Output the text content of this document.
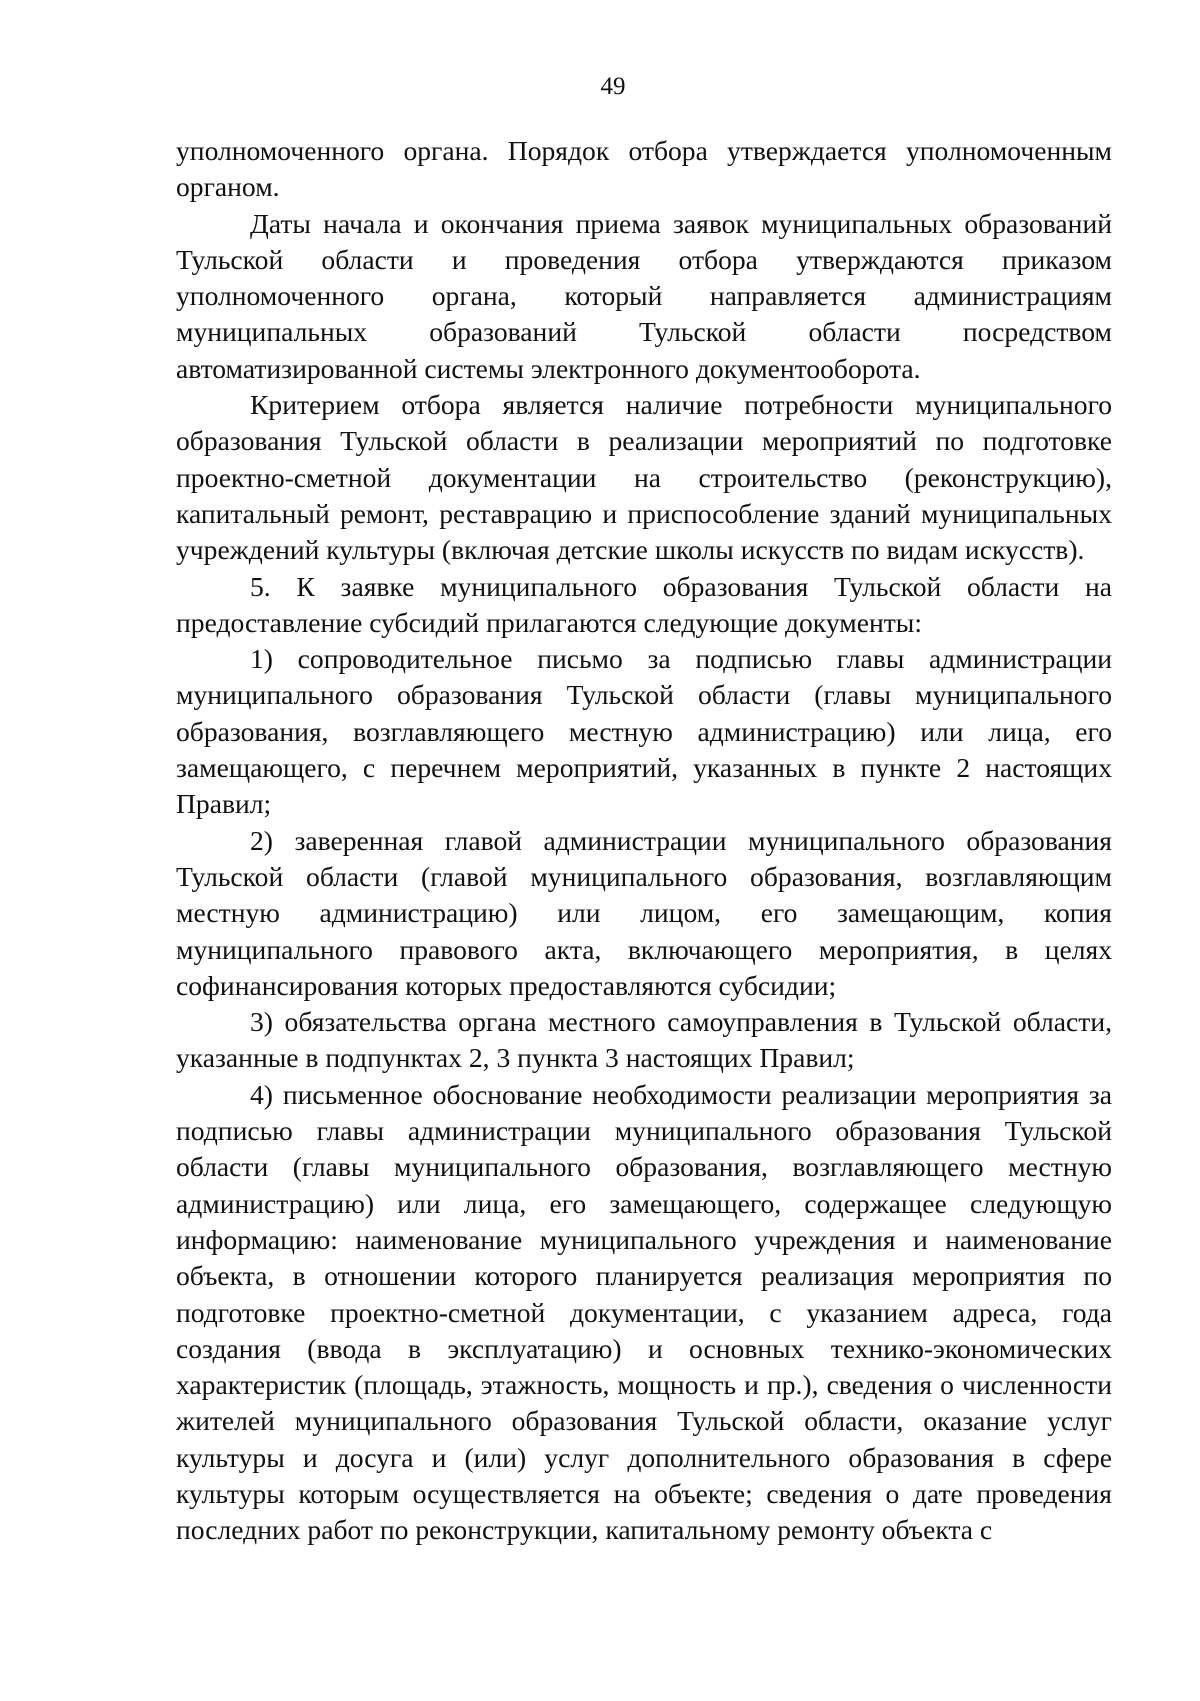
49

уполномоченного органа. Порядок отбора утверждается уполномоченным органом.

Даты начала и окончания приема заявок муниципальных образований Тульской области и проведения отбора утверждаются приказом уполномоченного органа, который направляется администрациям муниципальных образований Тульской области посредством автоматизированной системы электронного документооборота.

Критерием отбора является наличие потребности муниципального образования Тульской области в реализации мероприятий по подготовке проектно-сметной документации на строительство (реконструкцию), капитальный ремонт, реставрацию и приспособление зданий муниципальных учреждений культуры (включая детские школы искусств по видам искусств).

5. К заявке муниципального образования Тульской области на предоставление субсидий прилагаются следующие документы:

1) сопроводительное письмо за подписью главы администрации муниципального образования Тульской области (главы муниципального образования, возглавляющего местную администрацию) или лица, его замещающего, с перечнем мероприятий, указанных в пункте 2 настоящих Правил;

2) заверенная главой администрации муниципального образования Тульской области (главой муниципального образования, возглавляющим местную администрацию) или лицом, его замещающим, копия муниципального правового акта, включающего мероприятия, в целях софинансирования которых предоставляются субсидии;

3) обязательства органа местного самоуправления в Тульской области, указанные в подпунктах 2, 3 пункта 3 настоящих Правил;

4) письменное обоснование необходимости реализации мероприятия за подписью главы администрации муниципального образования Тульской области (главы муниципального образования, возглавляющего местную администрацию) или лица, его замещающего, содержащее следующую информацию: наименование муниципального учреждения и наименование объекта, в отношении которого планируется реализация мероприятия по подготовке проектно-сметной документации, с указанием адреса, года создания (ввода в эксплуатацию) и основных технико-экономических характеристик (площадь, этажность, мощность и пр.), сведения о численности жителей муниципального образования Тульской области, оказание услуг культуры и досуга и (или) услуг дополнительного образования в сфере культуры которым осуществляется на объекте; сведения о дате проведения последних работ по реконструкции, капитальному ремонту объекта с
